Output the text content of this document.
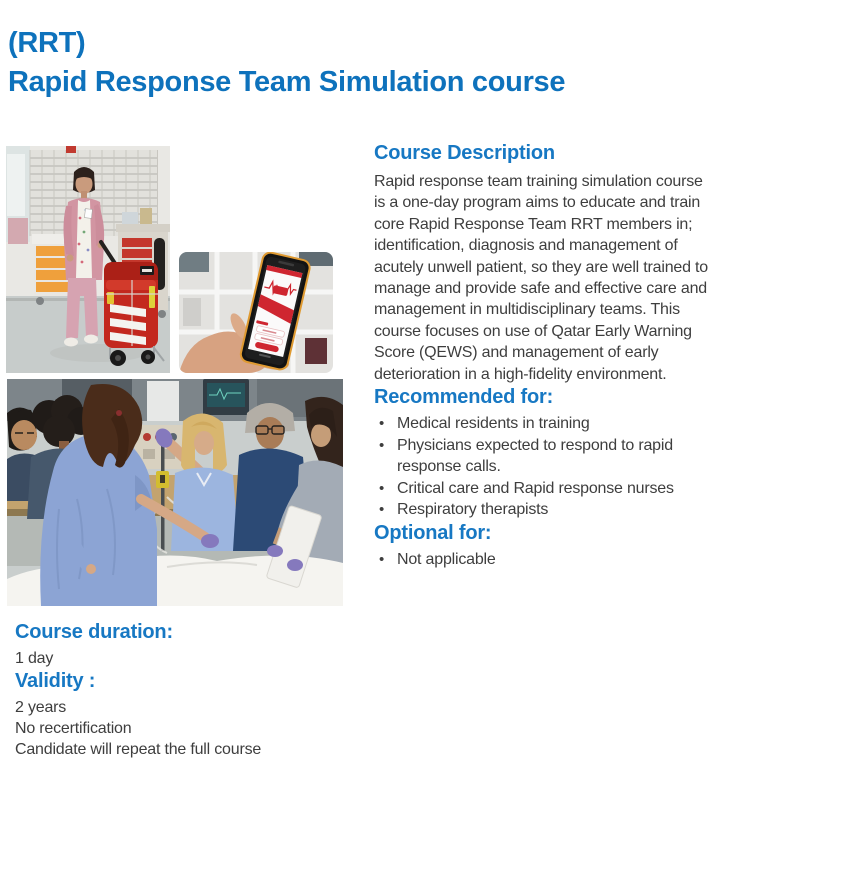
(RRT)
Rapid Response Team Simulation course
Course Description

Rapid response team training simulation course is a one-day program aims to educate and train core Rapid Response Team RRT members in; identification, diagnosis and management of acutely unwell patient, so they are well trained to manage and provide safe and effective care and management in multidisciplinary teams. This course focuses on use of Qatar Early Warning Score (QEWS) and management of early deterioration in a high-fidelity environment.

Recommended for:
• Medical residents in training
• Physicians expected to respond to rapid response calls.
• Critical care and Rapid response nurses
• Respiratory therapists
Optional for:
• Not applicable
Course duration:
1 day
Validity :
2 years
No recertification
Candidate will repeat the full course
